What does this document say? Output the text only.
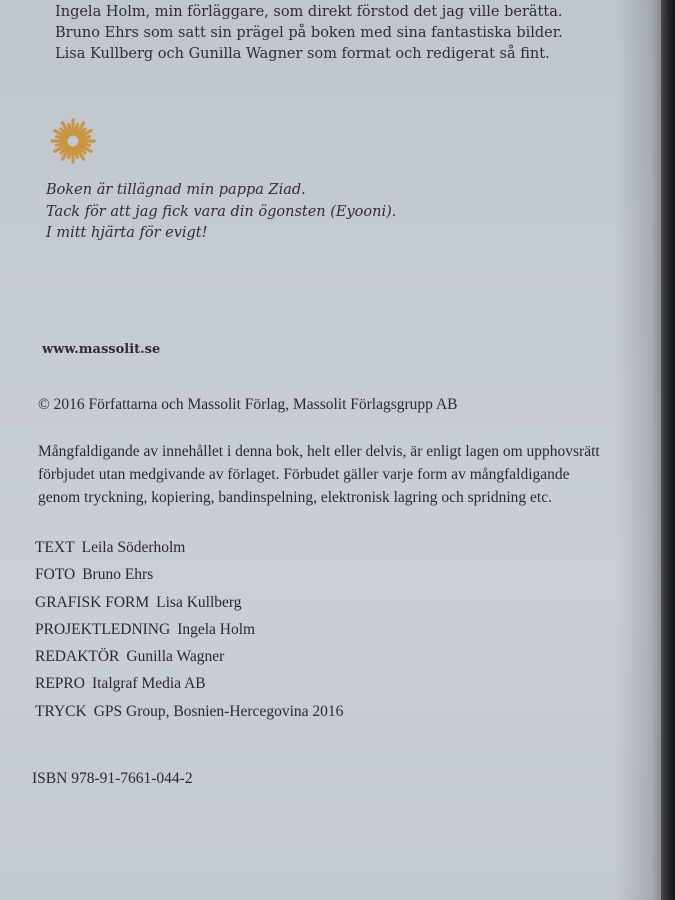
Ingela Holm, min förläggare, som direkt förstod det jag ville berätta.
Bruno Ehrs som satt sin prägel på boken med sina fantastiska bilder.
Lisa Kullberg och Gunilla Wagner som format och redigerat så fint.
Boken är tillägnad min pappa Ziad.
Tack för att jag fick vara din ögonsten (Eyooni).
I mitt hjärta för evigt!
www.massolit.se
© 2016 Författarna och Massolit Förlag, Massolit Förlagsgrupp AB
Mångfaldigande av innehållet i denna bok, helt eller delvis, är enligt lagen om upphovsrätt
förbjudet utan medgivande av förlaget. Förbudet gäller varje form av mångfaldigande
genom tryckning, kopiering, bandinspelning, elektronisk lagring och spridning etc.
TEXT Leila Söderholm
FOTO Bruno Ehrs
GRAFISK FORM Lisa Kullberg
PROJEKTLEDNING Ingela Holm
REDAKTÖR Gunilla Wagner
REPRO Italgraf Media AB
TRYCK GPS Group, Bosnien-Hercegovina 2016
ISBN 978-91-7661-044-2
